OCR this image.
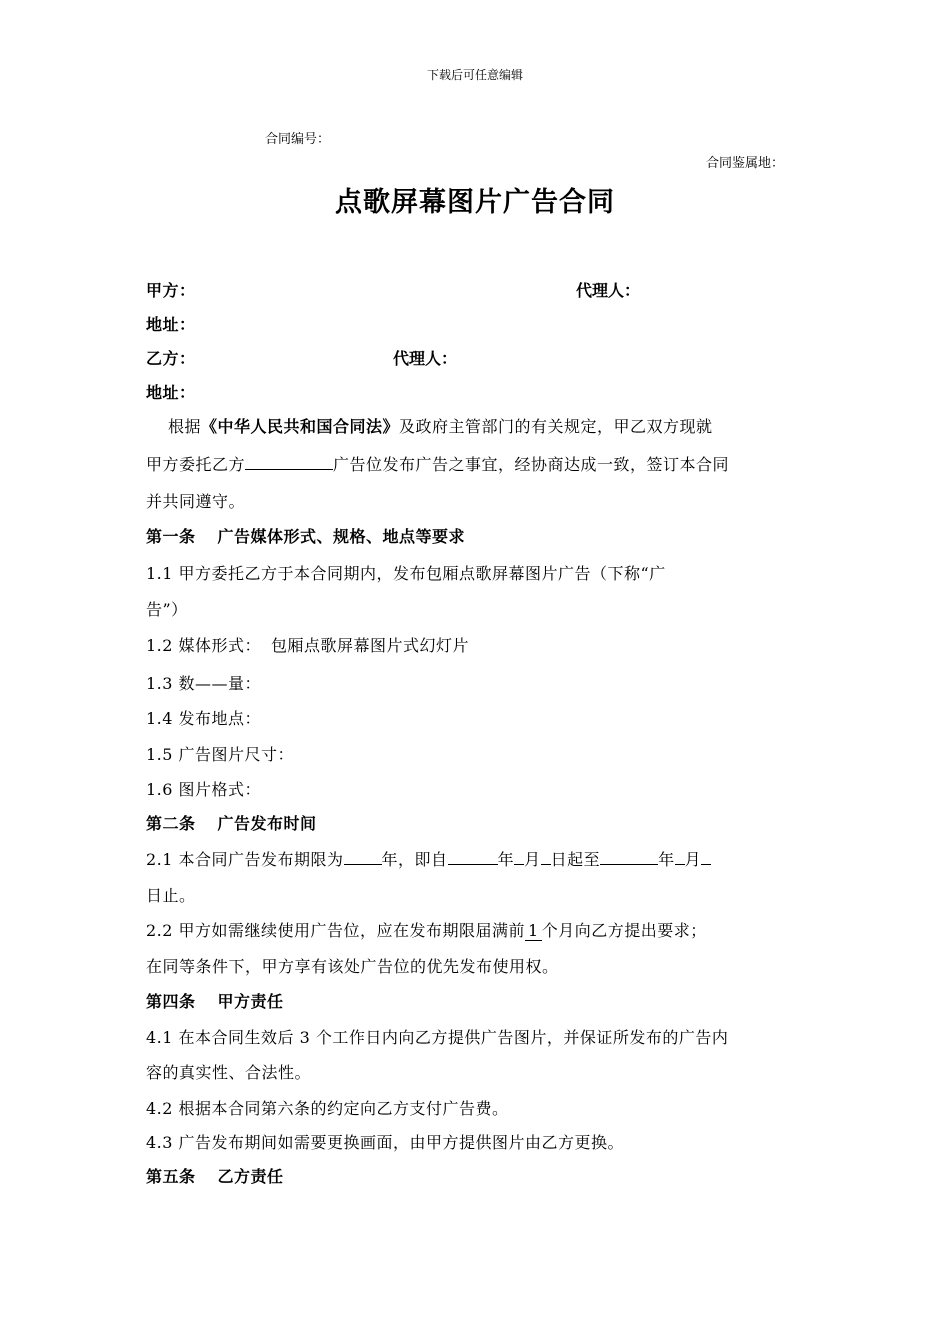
下载后可任意编辑
合同编号：
合同鉴属地：
点歌屏幕图片广告合同
甲方：	代理人：
地址：
乙方：	代理人：
地址：
根据《中华人民共和国合同法》及政府主管部门的有关规定，甲乙双方现就
甲方委托乙方	广告位发布广告之事宜，经协商达成一致，签订本合同
并共同遵守。
第一条 广告媒体形式、规格、地点等要求
1.1 甲方委托乙方于本合同期内，发布包厢点歌屏幕图片广告（下称“广
告”）
1.2 媒体形式： 包厢点歌屏幕图片式幻灯片
1.3 数——量：
1.4 发布地点：
1.5 广告图片尺寸：
1.6 图片格式：
第二条 广告发布时间
2.1 本合同广告发布期限为 年，即自	年 月 日起至	年 月
日止。
2.2 甲方如需继续使用广告位，应在发布期限届满前 1 个月向乙方提出要求；
在同等条件下，甲方享有该处广告位的优先发布使用权。
第四条 甲方责任
4.1 在本合同生效后 3 个工作日内向乙方提供广告图片，并保证所发布的广告内
容的真实性、合法性。
4.2 根据本合同第六条的约定向乙方支付广告费。
4.3 广告发布期间如需要更换画面，由甲方提供图片由乙方更换。
第五条 乙方责任
